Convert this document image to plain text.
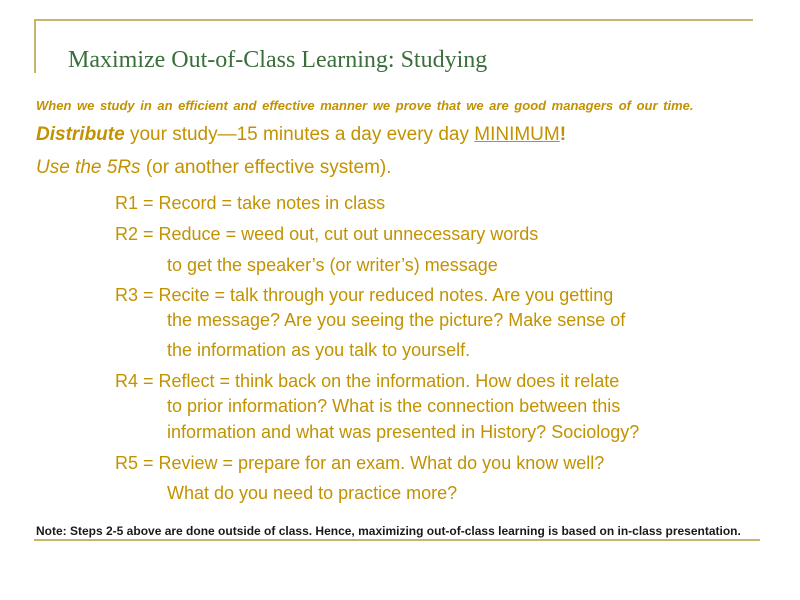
Maximize Out-of-Class Learning: Studying
When we study in an efficient and effective manner we prove that we are good managers of our time.
Distribute your study—15 minutes a day every day MINIMUM!
Use the 5Rs (or another effective system).
R1 = Record = take notes in class
R2 = Reduce = weed out, cut out unnecessary words
to get the speaker’s (or writer’s) message
R3 = Recite = talk through your reduced notes. Are you getting
the message? Are you seeing the picture? Make sense of
the information as you talk to yourself.
R4 = Reflect = think back on the information. How does it relate
to prior information? What is the connection between this
information and what was presented in History? Sociology?
R5 = Review = prepare for an exam. What do you know well?
What do you need to practice more?
Note: Steps 2-5 above are done outside of class. Hence, maximizing out-of-class learning is based on in-class presentation.
